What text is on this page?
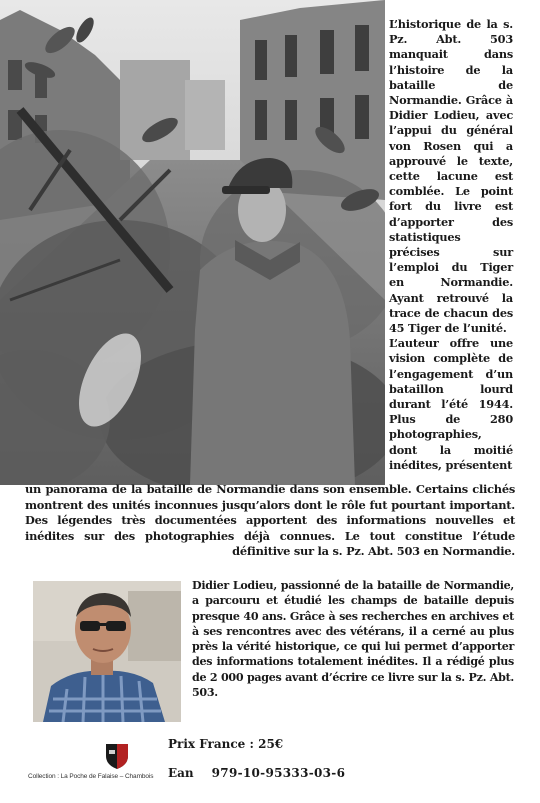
L’historique de la s. Pz. Abt. 503 manquait dans l’histoire de la bataille de Normandie. Grâce à Didier Lodieu, avec l’appui du général von Rosen qui a approuvé le texte, cette lacune est comblée. Le point fort du livre est d’apporter des statistiques précises sur l’emploi du Tiger en Normandie. Ayant retrouvé la trace de chacun des 45 Tiger de l’unité.

L’auteur offre une vision complète de l’engagement d’un bataillon lourd durant l’été 1944. Plus de 280 photographies, dont la moitié inédites, présentent

un panorama de la bataille de Normandie dans son ensemble. Certains clichés montrent des unités inconnues jusqu’alors dont le rôle fut pourtant important. Des légendes très documentées apportent des informations nouvelles et inédites sur des photographies déjà connues. Le tout constitue l’étude définitive sur la s. Pz. Abt. 503 en Normandie.

Didier Lodieu, passionné de la bataille de Normandie, a parcouru et étudié les champs de bataille depuis presque 40 ans. Grâce à ses recherches en archives et à ses rencontres avec des vétérans, il a cerné au plus près la vérité historique, ce qui lui permet d’apporter des informations totalement inédites. Il a rédigé plus de 2 000 pages avant d’écrire ce livre sur la s. Pz. Abt. 503.

Collection : La Poche de Falaise – Chambois
Prix France : 25€
Ean 979-10-95333-03-6
